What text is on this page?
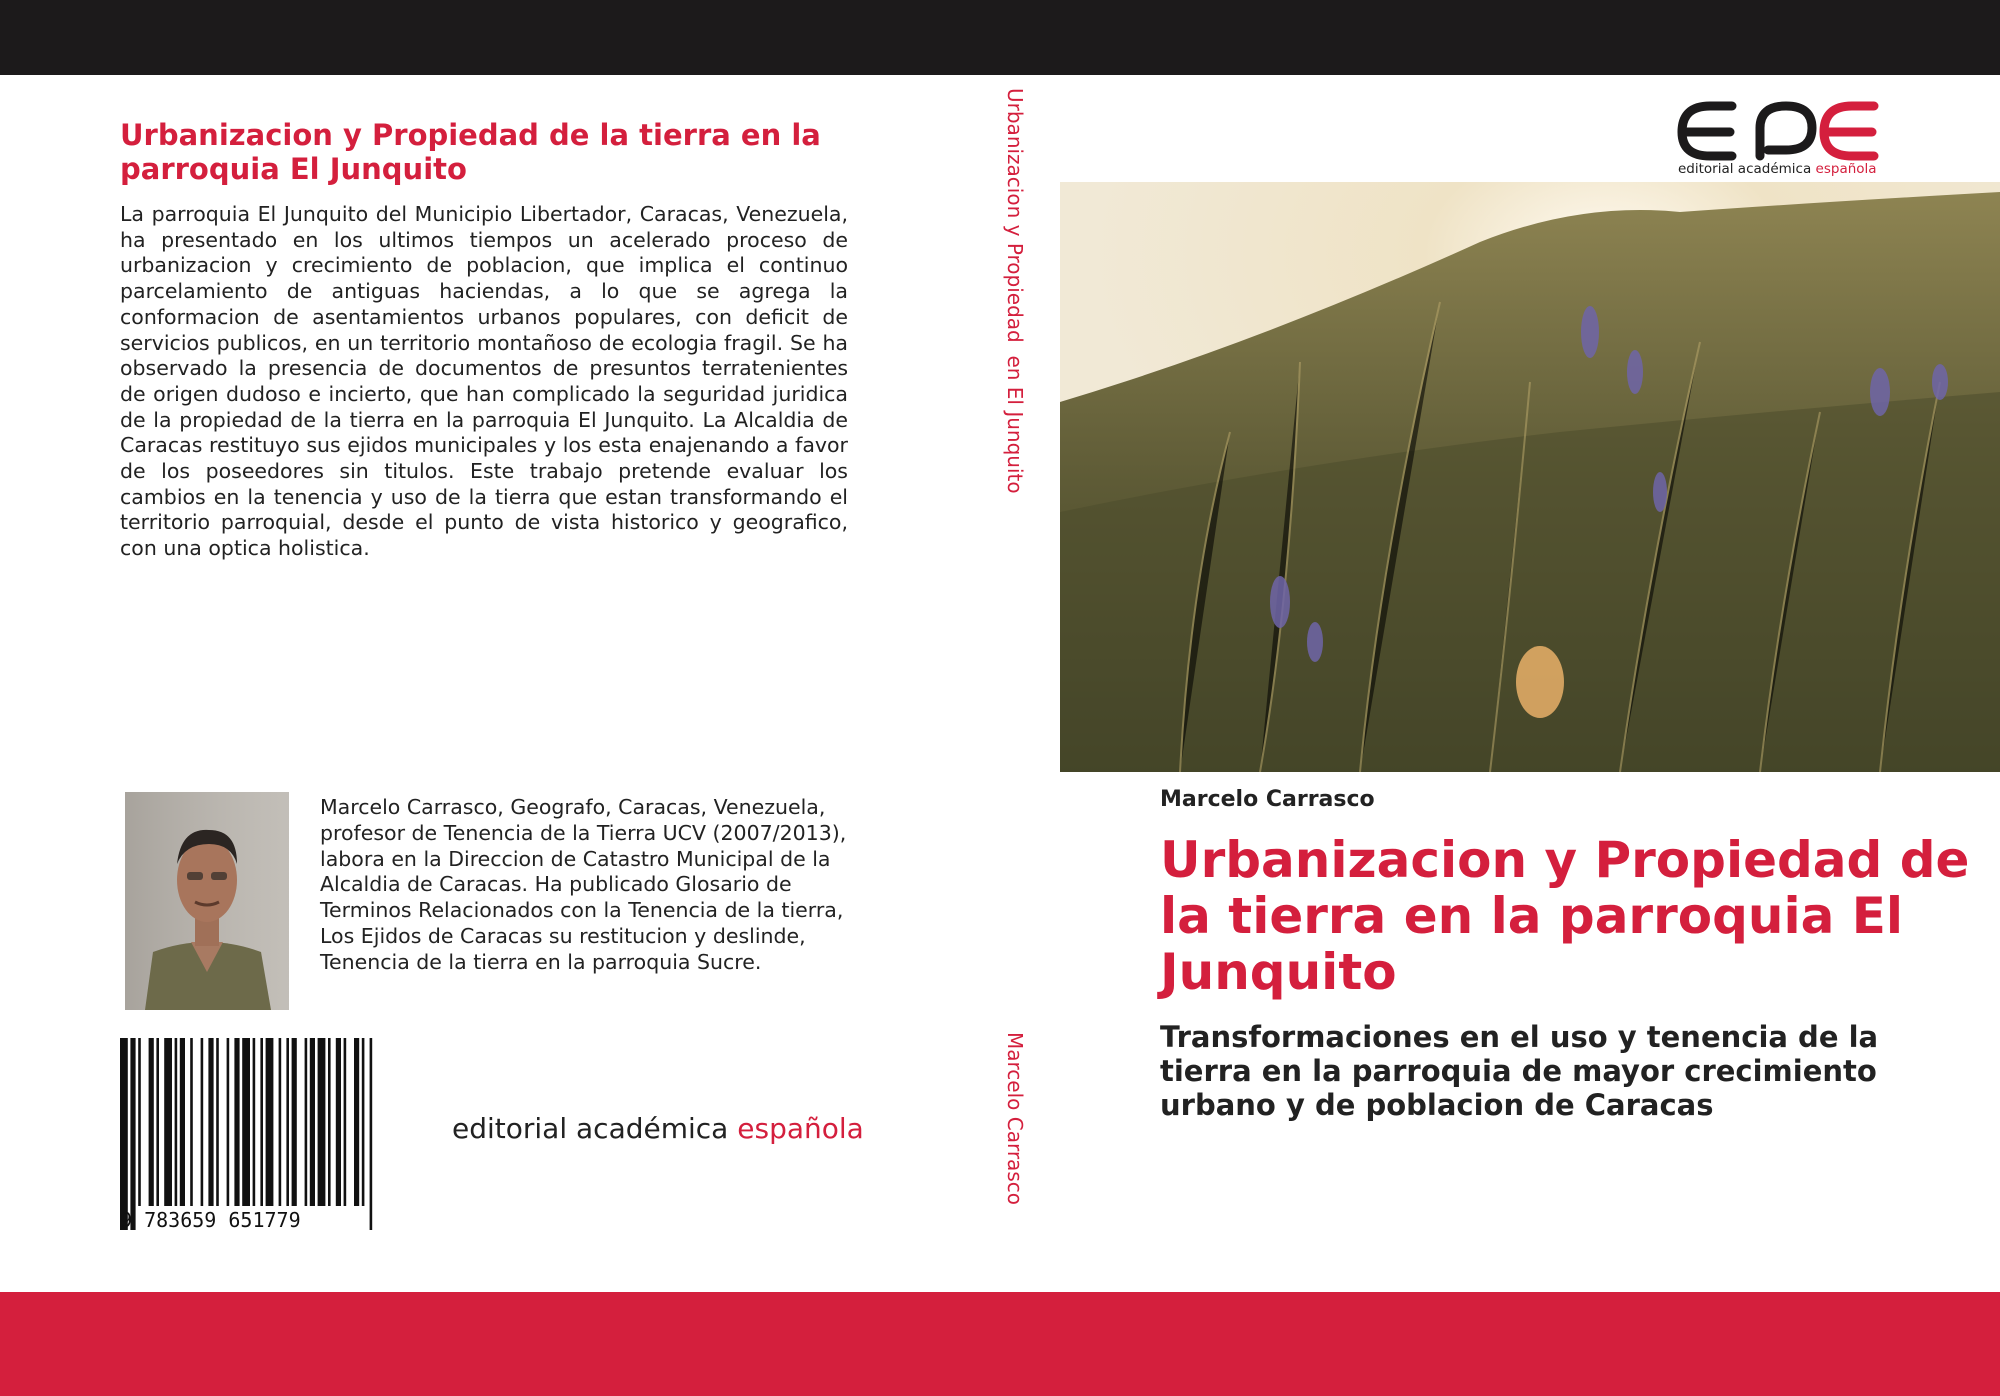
Urbanizacion y Propiedad de la tierra en la parroquia El Junquito
La parroquia El Junquito del Municipio Libertador, Caracas, Venezuela, ha presentado en los ultimos tiempos un acelerado proceso de urbanizacion y crecimiento de poblacion, que implica el continuo parcelamiento de antiguas haciendas, a lo que se agrega la conformacion de asentamientos urbanos populares, con deficit de servicios publicos, en un territorio montañoso de ecologia fragil. Se ha observado la presencia de documentos de presuntos terratenientes de origen dudoso e incierto, que han complicado la seguridad juridica de la propiedad de la tierra en la parroquia El Junquito. La Alcaldia de Caracas restituyo sus ejidos municipales y los esta enajenando a favor de los poseedores sin titulos. Este trabajo pretende evaluar los cambios en la tenencia y uso de la tierra que estan transformando el territorio parroquial, desde el punto de vista historico y geografico, con una optica holistica.
Marcelo Carrasco, Geografo, Caracas, Venezuela, profesor de Tenencia de la Tierra UCV (2007/2013), labora en la Direccion de Catastro Municipal de la Alcaldia de Caracas. Ha publicado Glosario de Terminos Relacionados con la Tenencia de la tierra, Los Ejidos de Caracas su restitucion y deslinde, Tenencia de la tierra en la parroquia Sucre.
9 783659 651779
editorial académica española
Urbanizacion y Propiedad  en El Junquito
Marcelo Carrasco
editorial académica española
Marcelo Carrasco
Urbanizacion y Propiedad de la tierra en la parroquia El Junquito
Transformaciones en el uso y tenencia de la tierra en la parroquia de mayor crecimiento urbano y de poblacion de Caracas
